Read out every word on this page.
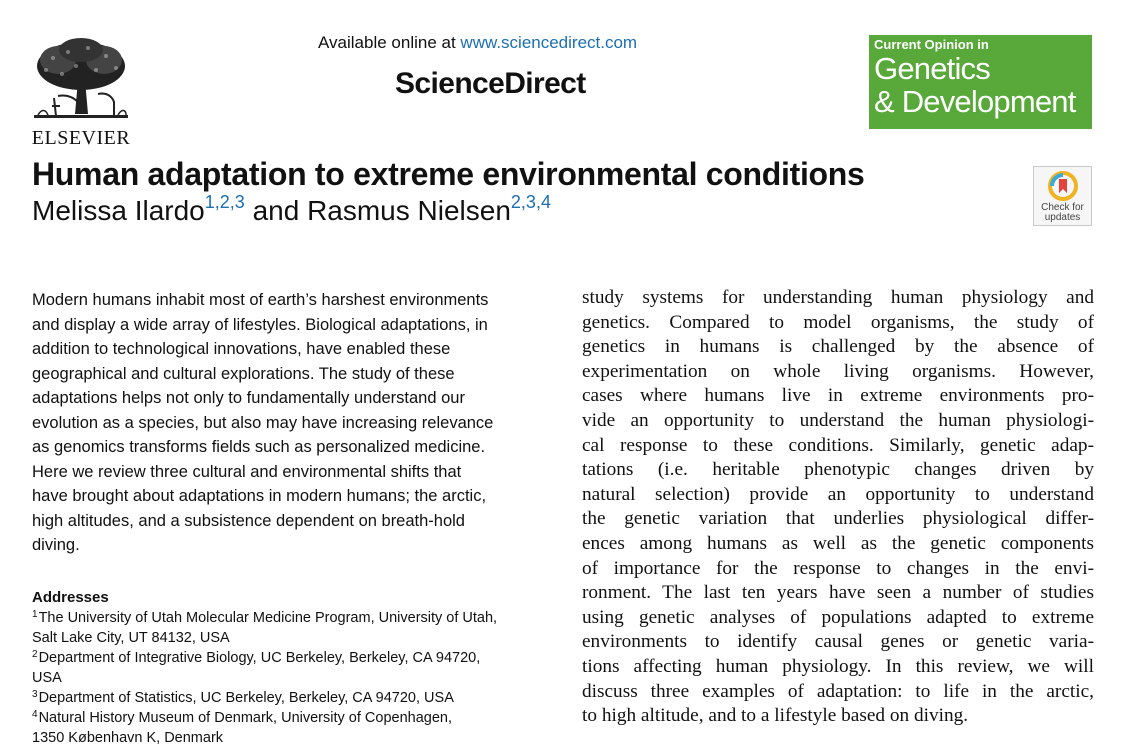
ELSEVIER
Available online at www.sciencedirect.com
ScienceDirect
Current Opinion in
Genetics
& Development
Check for
updates
Human adaptation to extreme environmental conditions
Melissa Ilardo$^{1,2,3}$ and Rasmus Nielsen$^{2,3,4}$
Modern humans inhabit most of earth’s harshest environments
and display a wide array of lifestyles. Biological adaptations, in
addition to technological innovations, have enabled these
geographical and cultural explorations. The study of these
adaptations helps not only to fundamentally understand our
evolution as a species, but also may have increasing relevance
as genomics transforms fields such as personalized medicine.
Here we review three cultural and environmental shifts that
have brought about adaptations in modern humans; the arctic,
high altitudes, and a subsistence dependent on breath-hold
diving.
Addresses
$^1$The University of Utah Molecular Medicine Program, University of Utah,
Salt Lake City, UT 84132, USA
$^2$Department of Integrative Biology, UC Berkeley, Berkeley, CA 94720,
USA
$^3$Department of Statistics, UC Berkeley, Berkeley, CA 94720, USA
$^4$Natural History Museum of Denmark, University of Copenhagen,
1350 København K, Denmark
study systems for understanding human physiology and
genetics. Compared to model organisms, the study of
genetics in humans is challenged by the absence of
experimentation on whole living organisms. However,
cases where humans live in extreme environments pro-
vide an opportunity to understand the human physiologi-
cal response to these conditions. Similarly, genetic adap-
tations (i.e. heritable phenotypic changes driven by
natural selection) provide an opportunity to understand
the genetic variation that underlies physiological differ-
ences among humans as well as the genetic components
of importance for the response to changes in the envi-
ronment. The last ten years have seen a number of studies
using genetic analyses of populations adapted to extreme
environments to identify causal genes or genetic varia-
tions affecting human physiology. In this review, we will
discuss three examples of adaptation: to life in the arctic,
to high altitude, and to a lifestyle based on diving.
